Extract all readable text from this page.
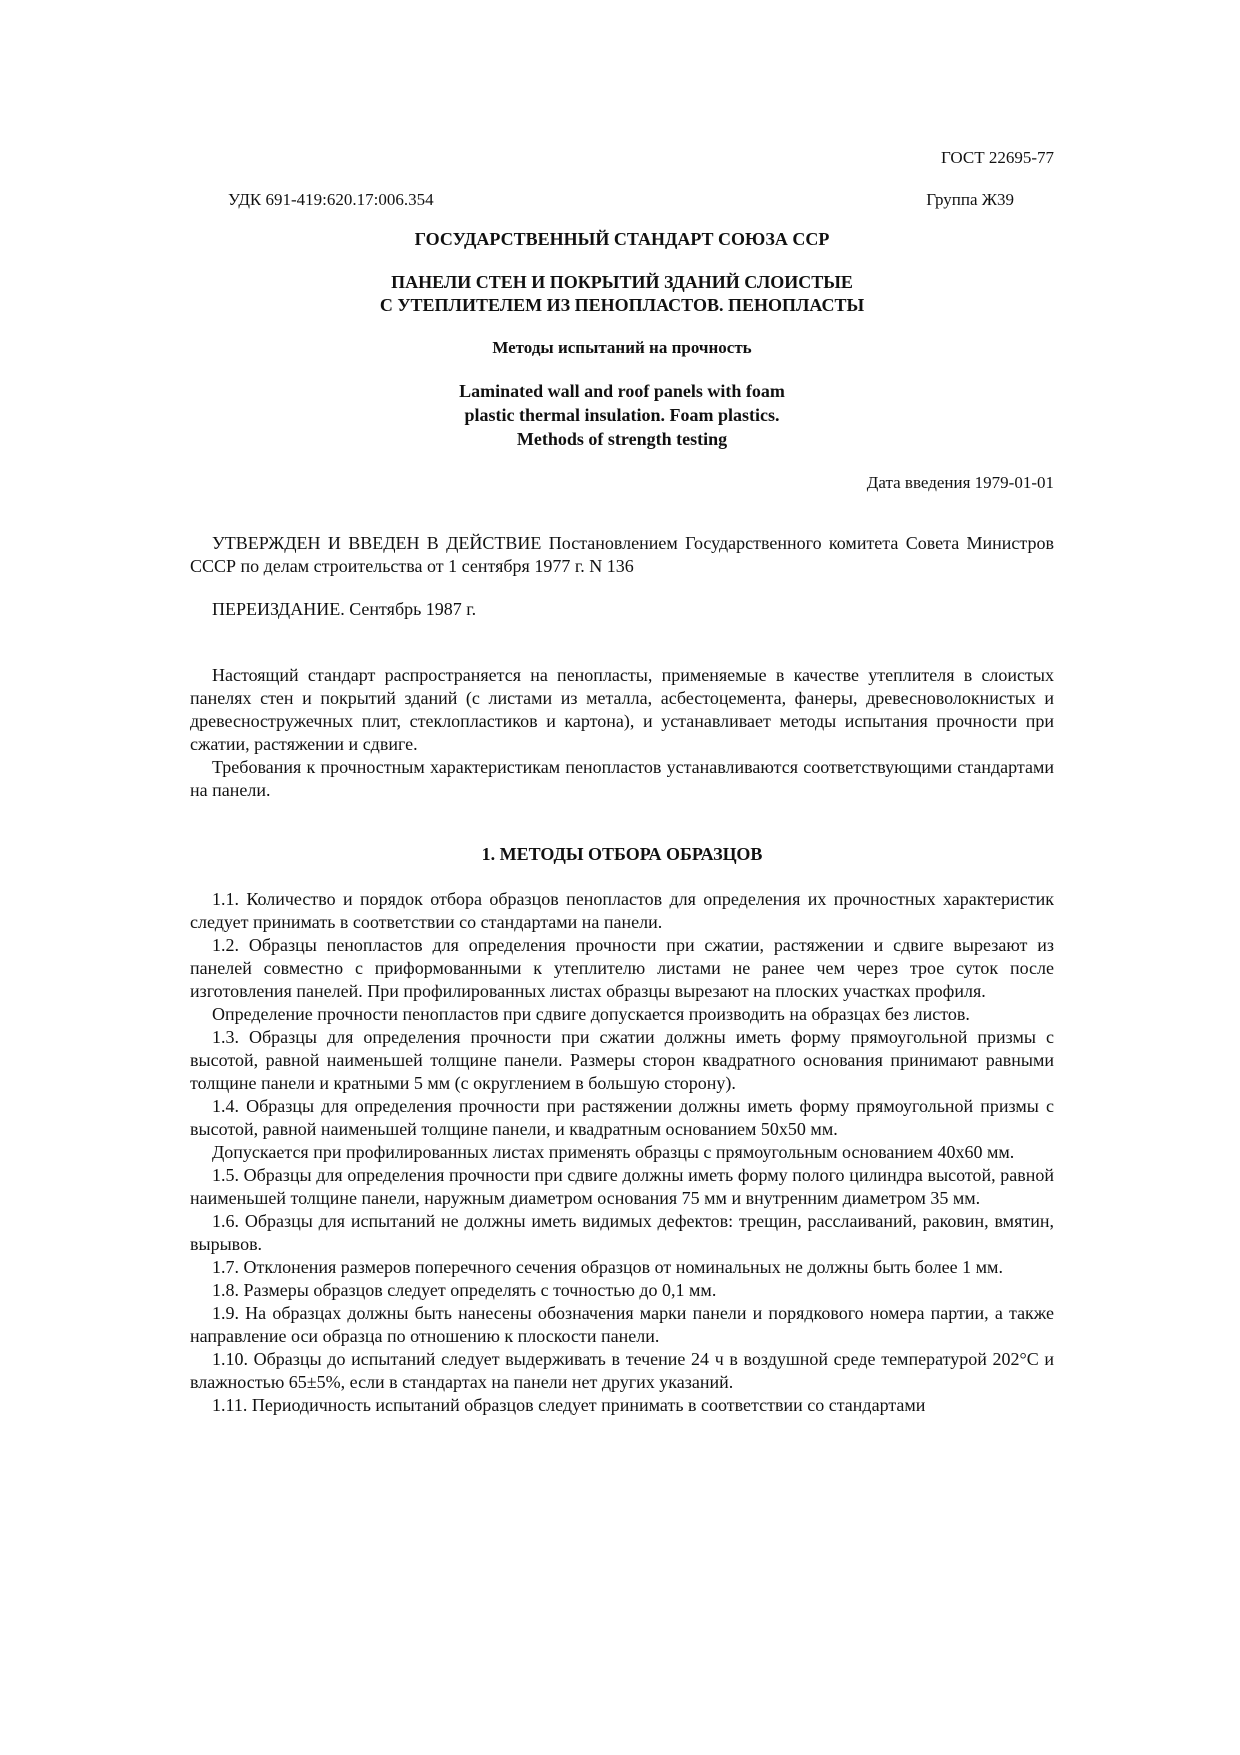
ГОСТ 22695-77
УДК 691-419:620.17:006.354	Группа Ж39
ГОСУДАРСТВЕННЫЙ СТАНДАРТ СОЮЗА ССР
ПАНЕЛИ СТЕН И ПОКРЫТИЙ ЗДАНИЙ СЛОИСТЫЕ
С УТЕПЛИТЕЛЕМ ИЗ ПЕНОПЛАСТОВ. ПЕНОПЛАСТЫ
Методы испытаний на прочность
Laminated wall and roof panels with foam
plastic thermal insulation. Foam plastics.
Methods of strength testing
Дата введения 1979-01-01
УТВЕРЖДЕН И ВВЕДЕН В ДЕЙСТВИЕ Постановлением Государственного комитета Совета Министров СССР по делам строительства от 1 сентября 1977 г. N 136
ПЕРЕИЗДАНИЕ. Сентябрь 1987 г.

Настоящий стандарт распространяется на пенопласты, применяемые в качестве утеплителя в слоистых панелях стен и покрытий зданий (с листами из металла, асбестоцемента, фанеры, древесноволокнистых и древесностружечных плит, стеклопластиков и картона), и устанавливает методы испытания прочности при сжатии, растяжении и сдвиге.

Требования к прочностным характеристикам пенопластов устанавливаются соответствующими стандартами на панели.

1. МЕТОДЫ ОТБОРА ОБРАЗЦОВ

1.1. Количество и порядок отбора образцов пенопластов для определения их прочностных характеристик следует принимать в соответствии со стандартами на панели.

1.2. Образцы пенопластов для определения прочности при сжатии, растяжении и сдвиге вырезают из панелей совместно с приформованными к утеплителю листами не ранее чем через трое суток после изготовления панелей. При профилированных листах образцы вырезают на плоских участках профиля.

Определение прочности пенопластов при сдвиге допускается производить на образцах без листов.

1.3. Образцы для определения прочности при сжатии должны иметь форму прямоугольной призмы с высотой, равной наименьшей толщине панели. Размеры сторон квадратного основания принимают равными толщине панели и кратными 5 мм (с округлением в большую сторону).

1.4. Образцы для определения прочности при растяжении должны иметь форму прямоугольной призмы с высотой, равной наименьшей толщине панели, и квадратным основанием 50x50 мм.

Допускается при профилированных листах применять образцы с прямоугольным основанием 40x60 мм.

1.5. Образцы для определения прочности при сдвиге должны иметь форму полого цилиндра высотой, равной наименьшей толщине панели, наружным диаметром основания 75 мм и внутренним диаметром 35 мм.

1.6. Образцы для испытаний не должны иметь видимых дефектов: трещин, расслаиваний, раковин, вмятин, вырывов.

1.7. Отклонения размеров поперечного сечения образцов от номинальных не должны быть более 1 мм.

1.8. Размеры образцов следует определять с точностью до 0,1 мм.

1.9. На образцах должны быть нанесены обозначения марки панели и порядкового номера партии, а также направление оси образца по отношению к плоскости панели.

1.10. Образцы до испытаний следует выдерживать в течение 24 ч в воздушной среде температурой 202°С и влажностью 65±5%, если в стандартах на панели нет других указаний.

1.11. Периодичность испытаний образцов следует принимать в соответствии со стандартами
